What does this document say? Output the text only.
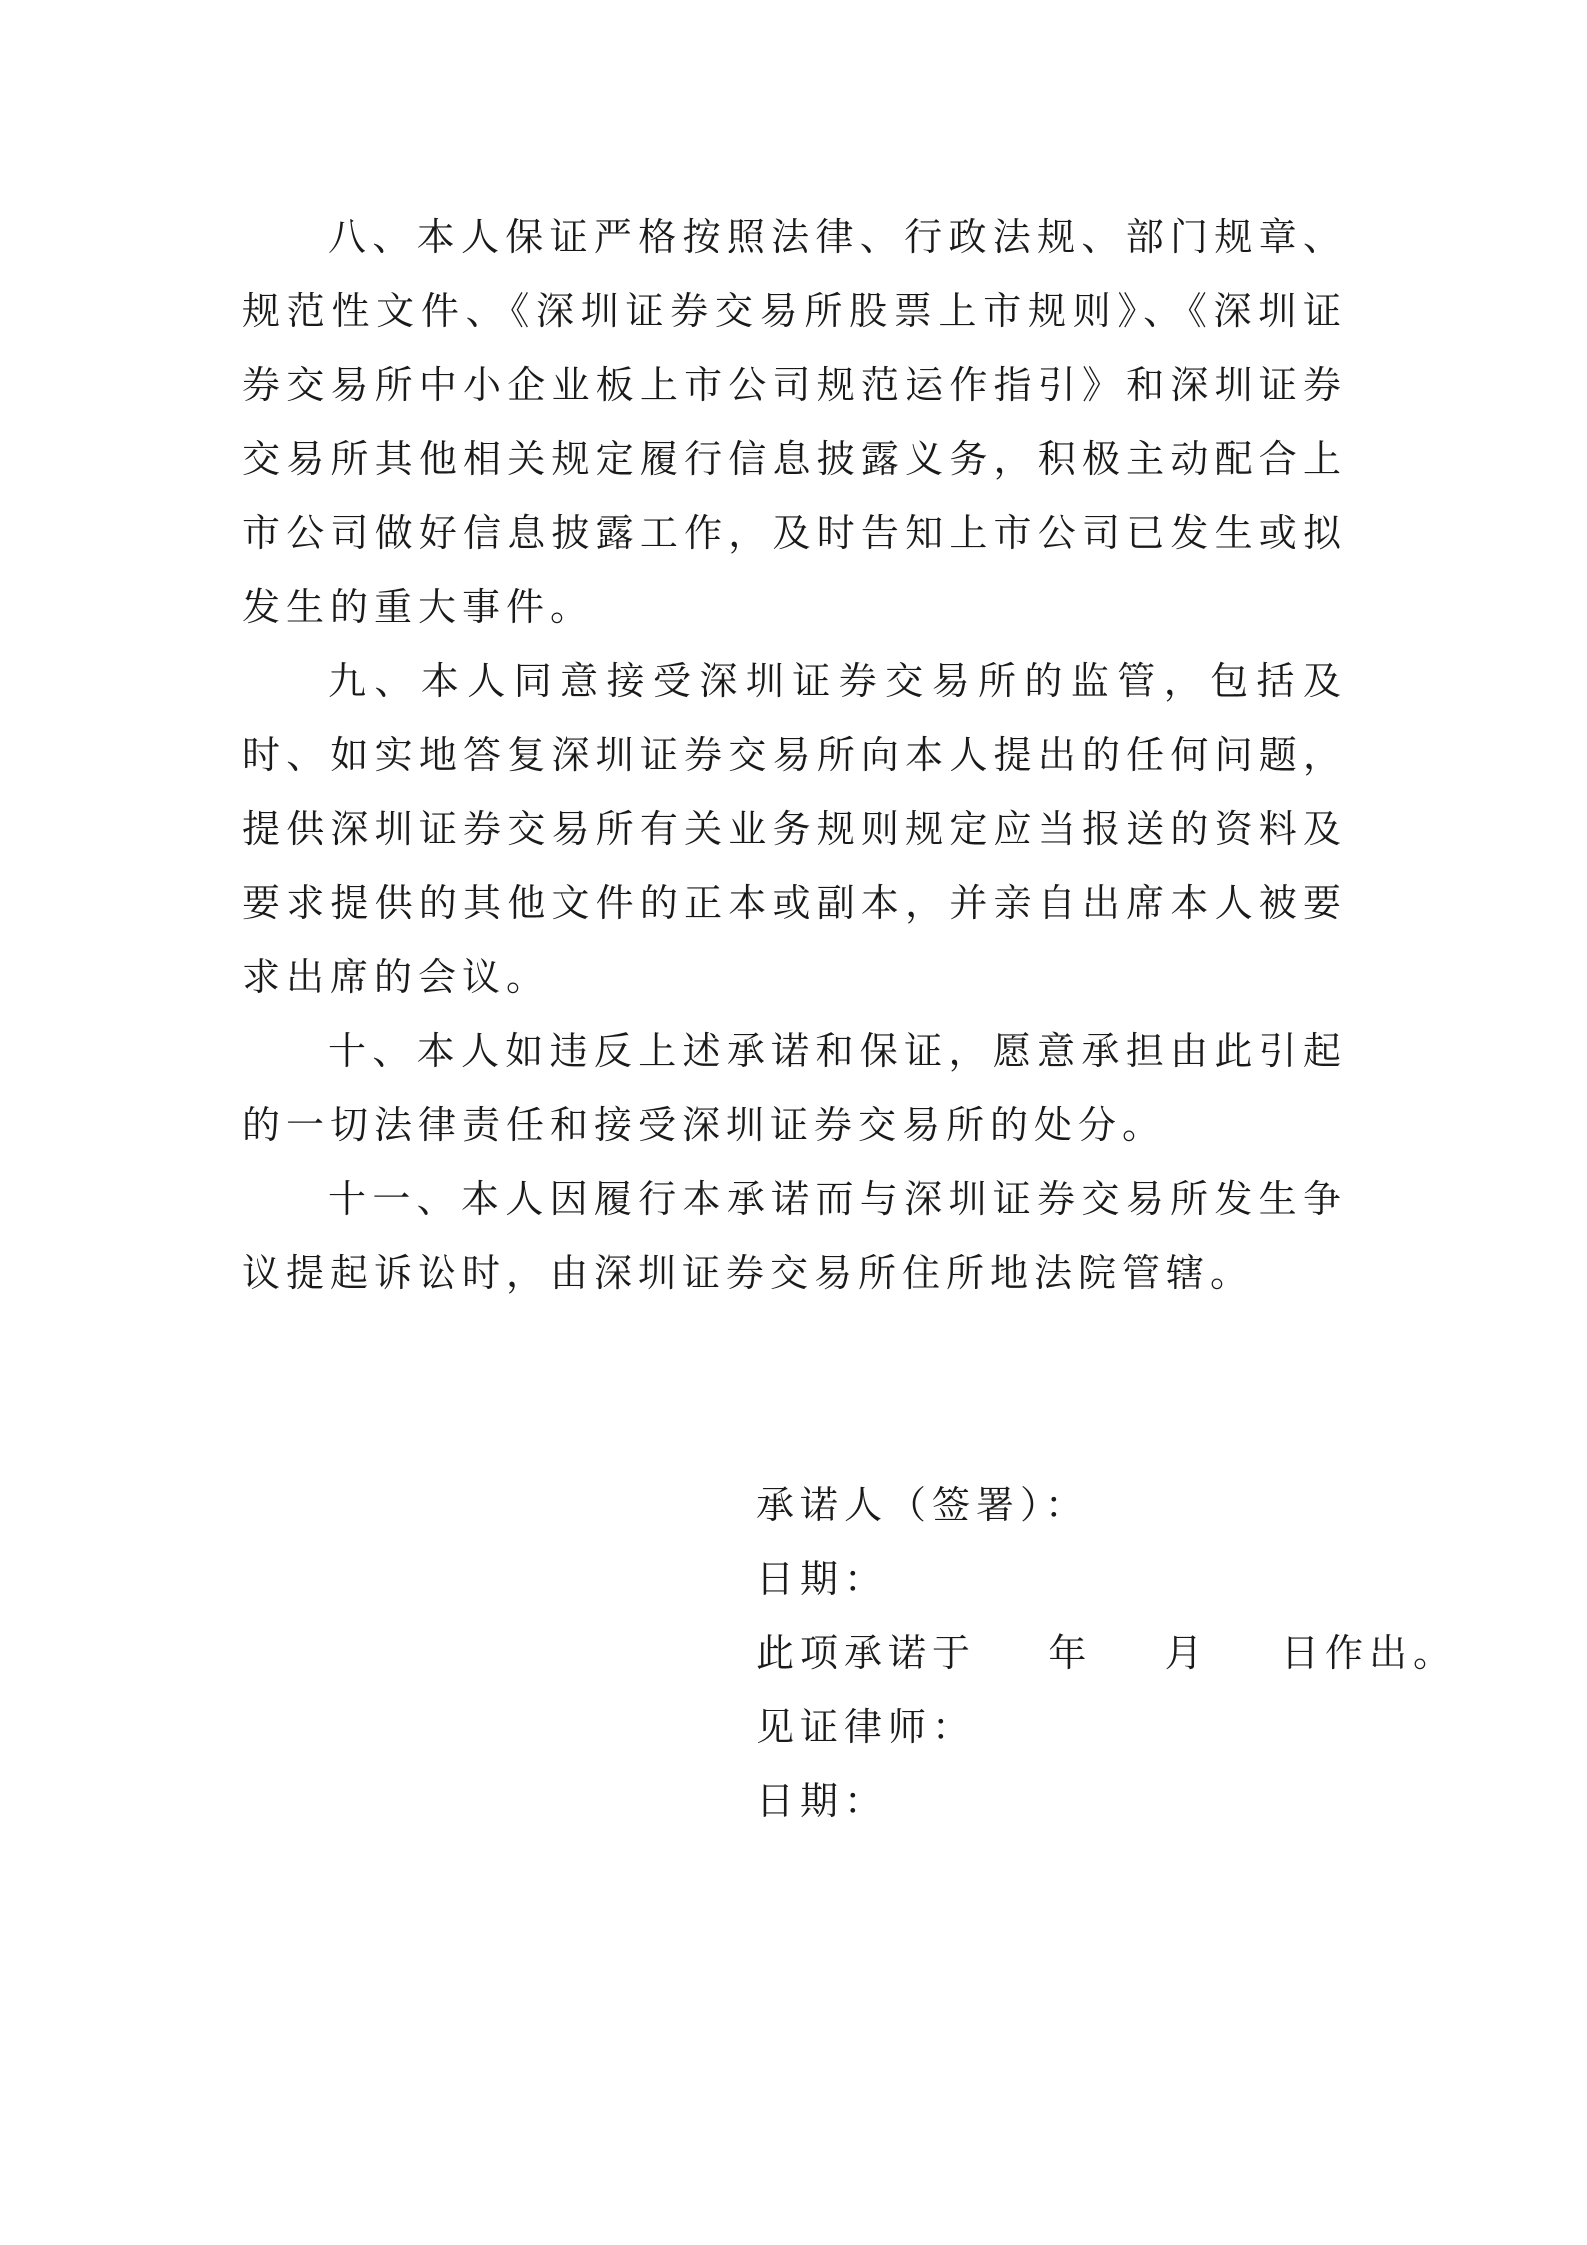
八、本人保证严格按照法律、行政法规、部门规章、规范性文件、《深圳证券交易所股票上市规则》、《深圳证券交易所中小企业板上市公司规范运作指引》和深圳证券交易所其他相关规定履行信息披露义务，积极主动配合上市公司做好信息披露工作，及时告知上市公司已发生或拟发生的重大事件。

九、本人同意接受深圳证券交易所的监管，包括及时、如实地答复深圳证券交易所向本人提出的任何问题，提供深圳证券交易所有关业务规则规定应当报送的资料及要求提供的其他文件的正本或副本，并亲自出席本人被要求出席的会议。

十、本人如违反上述承诺和保证，愿意承担由此引起的一切法律责任和接受深圳证券交易所的处分。

十一、本人因履行本承诺而与深圳证券交易所发生争议提起诉讼时，由深圳证券交易所住所地法院管辖。

承诺人（签署）：

日期：

此项承诺于    年    月    日作出。

见证律师：

日期：
